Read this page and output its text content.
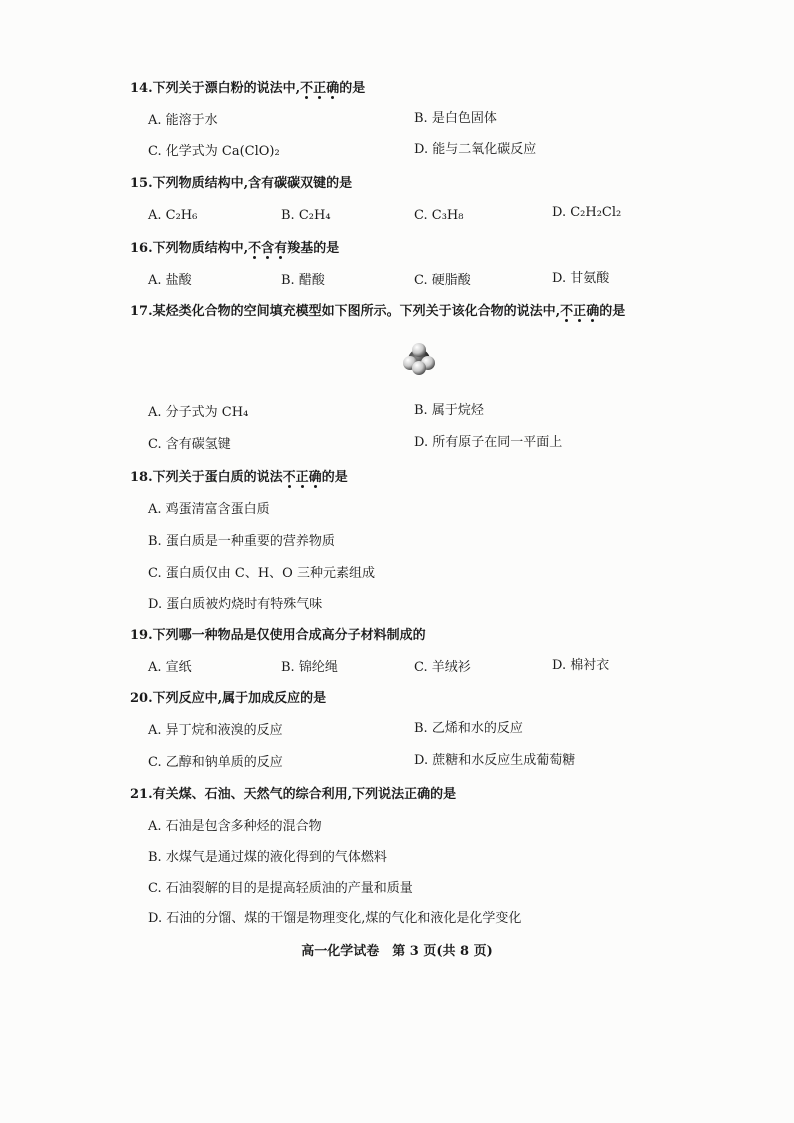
14.下列关于漂白粉的说法中,不正确的是
A. 能溶于水	B. 是白色固体
C. 化学式为 Ca(ClO)₂	D. 能与二氧化碳反应
15.下列物质结构中,含有碳碳双键的是
A. C₂H₆	B. C₂H₄	C. C₃H₈	D. C₂H₂Cl₂
16.下列物质结构中,不含有羧基的是
A. 盐酸	B. 醋酸	C. 硬脂酸	D. 甘氨酸
17.某烃类化合物的空间填充模型如下图所示。下列关于该化合物的说法中,不正确的是
A. 分子式为 CH₄	B. 属于烷烃
C. 含有碳氢键	D. 所有原子在同一平面上
18.下列关于蛋白质的说法不正确的是
A. 鸡蛋清富含蛋白质
B. 蛋白质是一种重要的营养物质
C. 蛋白质仅由 C、H、O 三种元素组成
D. 蛋白质被灼烧时有特殊气味
19.下列哪一种物品是仅使用合成高分子材料制成的
A. 宣纸	B. 锦纶绳	C. 羊绒衫	D. 棉衬衣
20.下列反应中,属于加成反应的是
A. 异丁烷和液溴的反应	B. 乙烯和水的反应
C. 乙醇和钠单质的反应	D. 蔗糖和水反应生成葡萄糖
21.有关煤、石油、天然气的综合利用,下列说法正确的是
A. 石油是包含多种烃的混合物
B. 水煤气是通过煤的液化得到的气体燃料
C. 石油裂解的目的是提高轻质油的产量和质量
D. 石油的分馏、煤的干馏是物理变化,煤的气化和液化是化学变化
高一化学试卷　第 3 页(共 8 页)
